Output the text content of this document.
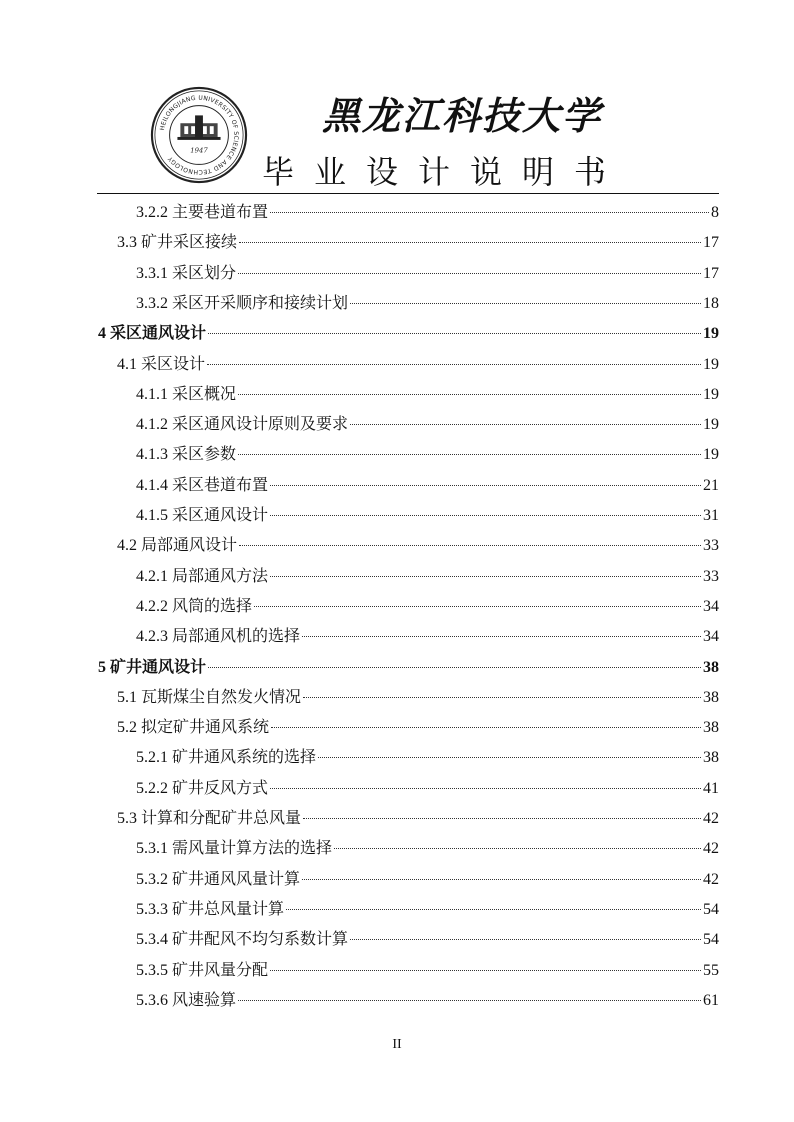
HEILONGJIANG UNIVERSITY OF SCIENCE AND TECHNOLOGY
1947
黑龙江科技大学
毕业设计说明书
3.2.2 主要巷道布置	8
3.3 矿井采区接续	17
3.3.1 采区划分	17
3.3.2 采区开采顺序和接续计划	18
4 采区通风设计	19
4.1 采区设计	19
4.1.1 采区概况	19
4.1.2 采区通风设计原则及要求	19
4.1.3 采区参数	19
4.1.4 采区巷道布置	21
4.1.5 采区通风设计	31
4.2 局部通风设计	33
4.2.1 局部通风方法	33
4.2.2 风筒的选择	34
4.2.3 局部通风机的选择	34
5 矿井通风设计	38
5.1 瓦斯煤尘自然发火情况	38
5.2 拟定矿井通风系统	38
5.2.1 矿井通风系统的选择	38
5.2.2 矿井反风方式	41
5.3 计算和分配矿井总风量	42
5.3.1 需风量计算方法的选择	42
5.3.2 矿井通风风量计算	42
5.3.3 矿井总风量计算	54
5.3.4 矿井配风不均匀系数计算	54
5.3.5 矿井风量分配	55
5.3.6 风速验算	61
II
